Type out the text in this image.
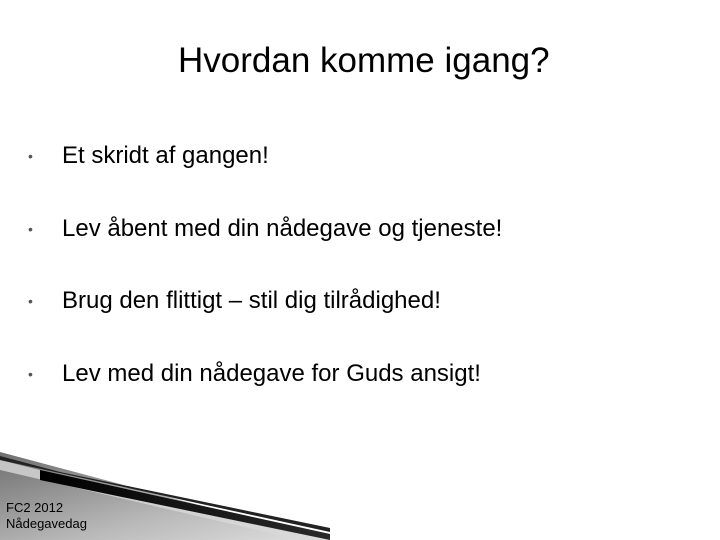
Hvordan komme igang?
• Et skridt af gangen!
• Lev åbent med din nådegave og tjeneste!
• Brug den flittigt – stil dig tilrådighed!
• Lev med din nådegave for Guds ansigt!
FC2 2012
Nådegavedag
